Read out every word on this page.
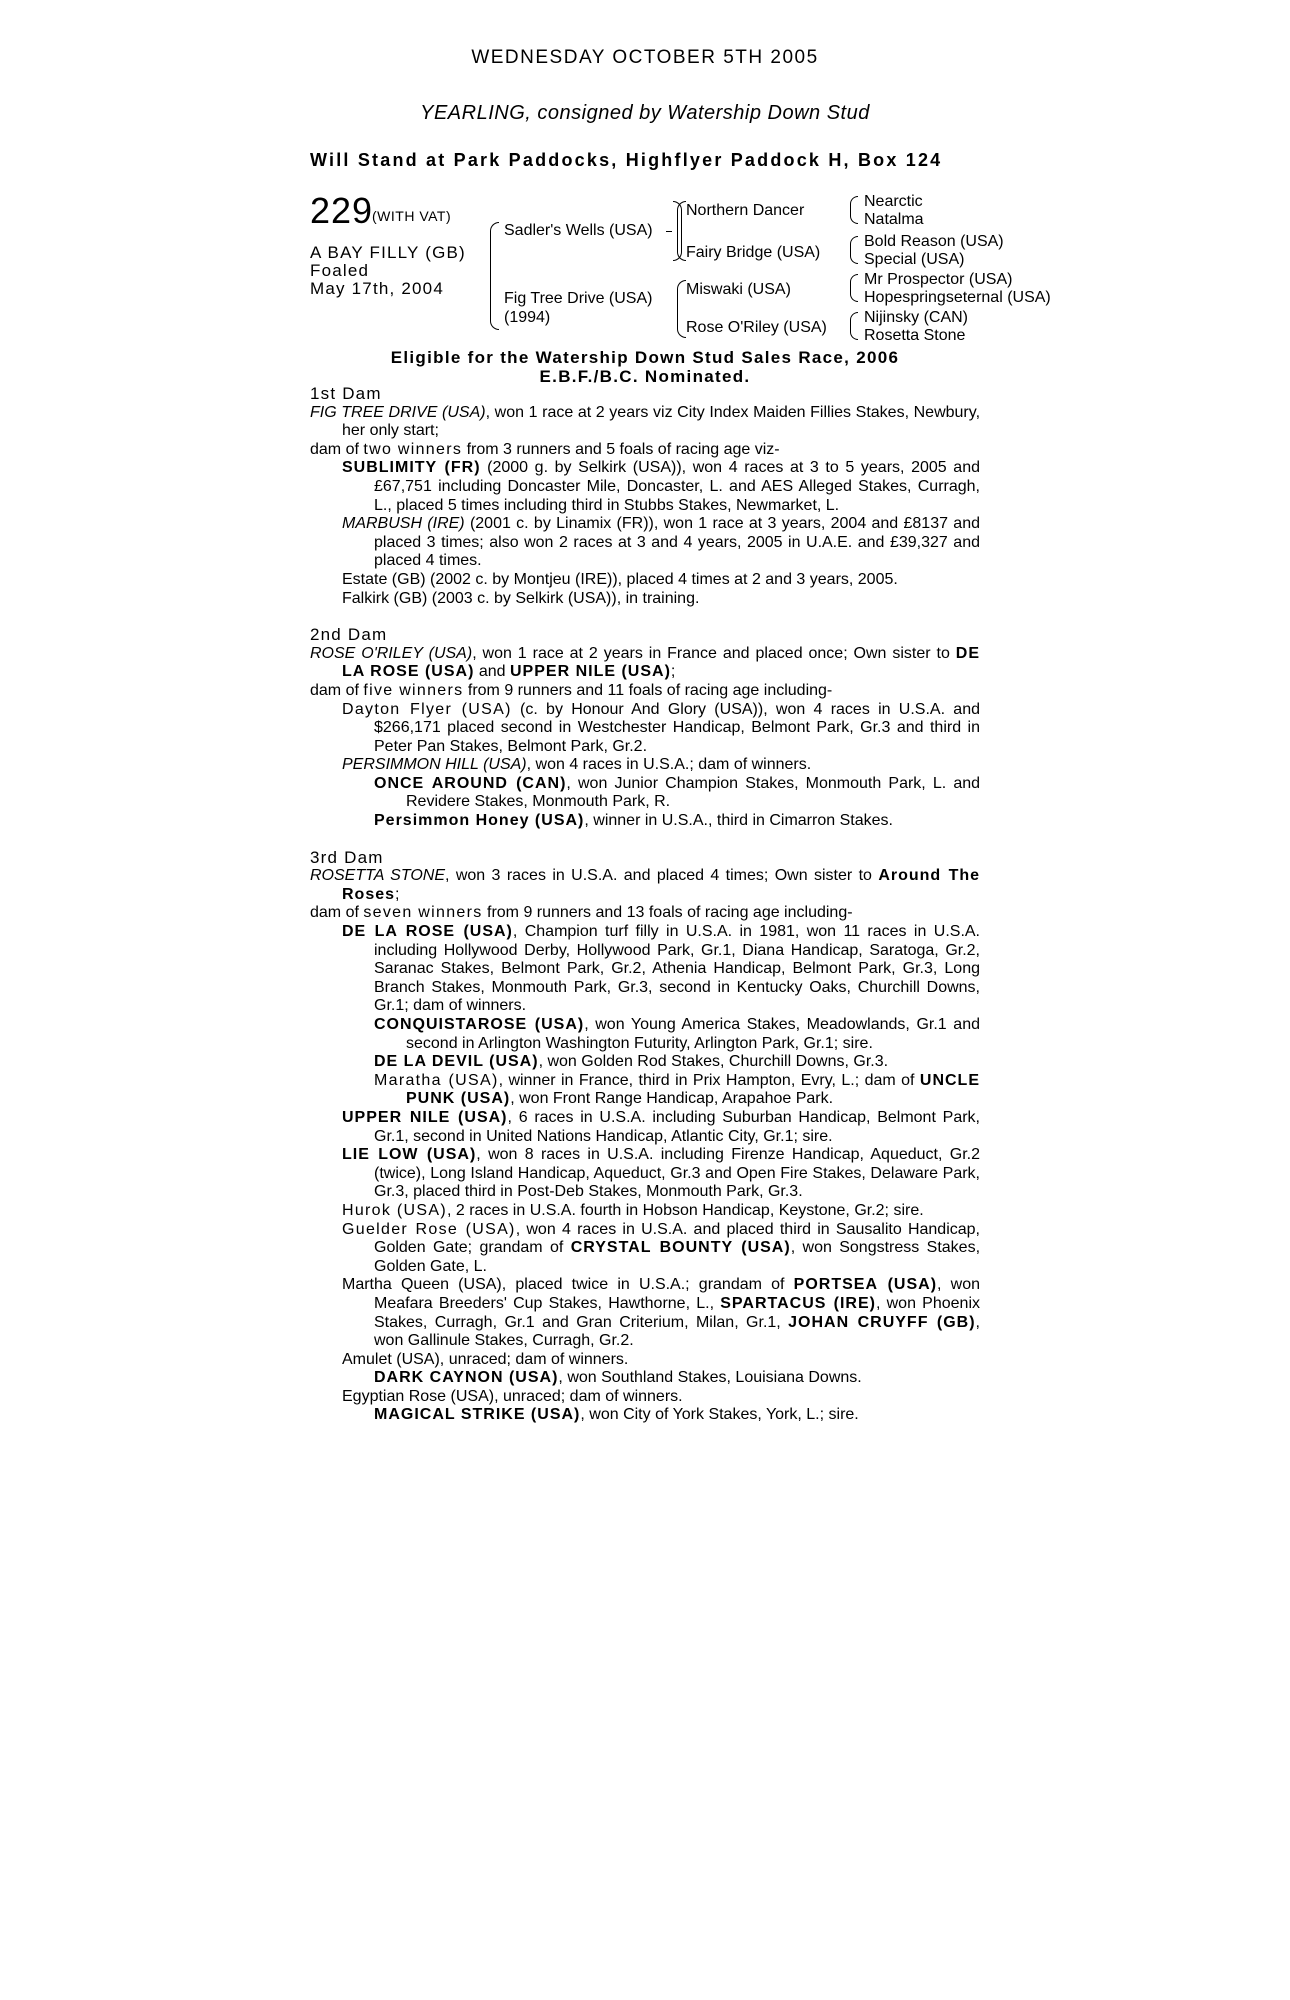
WEDNESDAY OCTOBER 5TH 2005
YEARLING, consigned by Watership Down Stud
Will Stand at Park Paddocks, Highflyer Paddock H, Box 124
229
(WITH VAT)
A BAY FILLY (GB)
Foaled
May 17th, 2004
Sadler's Wells (USA)
Fig Tree Drive (USA)
(1994)
Northern Dancer
Fairy Bridge (USA)
Miswaki (USA)
Rose O'Riley (USA)
Nearctic
Natalma
Bold Reason (USA)
Special (USA)
Mr Prospector (USA)
Hopespringseternal (USA)
Nijinsky (CAN)
Rosetta Stone
Eligible for the Watership Down Stud Sales Race, 2006
E.B.F./B.C. Nominated.
1st Dam

FIG TREE DRIVE (USA), won 1 race at 2 years viz City Index Maiden Fillies Stakes, Newbury, her only start;

dam of two winners from 3 runners and 5 foals of racing age viz-

SUBLIMITY (FR) (2000 g. by Selkirk (USA)), won 4 races at 3 to 5 years, 2005 and £67,751 including Doncaster Mile, Doncaster, L. and AES Alleged Stakes, Curragh, L., placed 5 times including third in Stubbs Stakes, Newmarket, L.

MARBUSH (IRE) (2001 c. by Linamix (FR)), won 1 race at 3 years, 2004 and £8137 and placed 3 times; also won 2 races at 3 and 4 years, 2005 in U.A.E. and £39,327 and placed 4 times.

Estate (GB) (2002 c. by Montjeu (IRE)), placed 4 times at 2 and 3 years, 2005.

Falkirk (GB) (2003 c. by Selkirk (USA)), in training.

2nd Dam

ROSE O'RILEY (USA), won 1 race at 2 years in France and placed once; Own sister to DE LA ROSE (USA) and UPPER NILE (USA);

dam of five winners from 9 runners and 11 foals of racing age including-

Dayton Flyer (USA) (c. by Honour And Glory (USA)), won 4 races in U.S.A. and $266,171 placed second in Westchester Handicap, Belmont Park, Gr.3 and third in Peter Pan Stakes, Belmont Park, Gr.2.

PERSIMMON HILL (USA), won 4 races in U.S.A.; dam of winners.

ONCE AROUND (CAN), won Junior Champion Stakes, Monmouth Park, L. and Revidere Stakes, Monmouth Park, R.

Persimmon Honey (USA), winner in U.S.A., third in Cimarron Stakes.

3rd Dam

ROSETTA STONE, won 3 races in U.S.A. and placed 4 times; Own sister to Around The Roses;

dam of seven winners from 9 runners and 13 foals of racing age including-

DE LA ROSE (USA), Champion turf filly in U.S.A. in 1981, won 11 races in U.S.A. including Hollywood Derby, Hollywood Park, Gr.1, Diana Handicap, Saratoga, Gr.2, Saranac Stakes, Belmont Park, Gr.2, Athenia Handicap, Belmont Park, Gr.3, Long Branch Stakes, Monmouth Park, Gr.3, second in Kentucky Oaks, Churchill Downs, Gr.1; dam of winners.

CONQUISTAROSE (USA), won Young America Stakes, Meadowlands, Gr.1 and second in Arlington Washington Futurity, Arlington Park, Gr.1; sire.

DE LA DEVIL (USA), won Golden Rod Stakes, Churchill Downs, Gr.3.

Maratha (USA), winner in France, third in Prix Hampton, Evry, L.; dam of UNCLE PUNK (USA), won Front Range Handicap, Arapahoe Park.

UPPER NILE (USA), 6 races in U.S.A. including Suburban Handicap, Belmont Park, Gr.1, second in United Nations Handicap, Atlantic City, Gr.1; sire.

LIE LOW (USA), won 8 races in U.S.A. including Firenze Handicap, Aqueduct, Gr.2 (twice), Long Island Handicap, Aqueduct, Gr.3 and Open Fire Stakes, Delaware Park, Gr.3, placed third in Post-Deb Stakes, Monmouth Park, Gr.3.

Hurok (USA), 2 races in U.S.A. fourth in Hobson Handicap, Keystone, Gr.2; sire.

Guelder Rose (USA), won 4 races in U.S.A. and placed third in Sausalito Handicap, Golden Gate; grandam of CRYSTAL BOUNTY (USA), won Songstress Stakes, Golden Gate, L.

Martha Queen (USA), placed twice in U.S.A.; grandam of PORTSEA (USA), won Meafara Breeders' Cup Stakes, Hawthorne, L., SPARTACUS (IRE), won Phoenix Stakes, Curragh, Gr.1 and Gran Criterium, Milan, Gr.1, JOHAN CRUYFF (GB), won Gallinule Stakes, Curragh, Gr.2.

Amulet (USA), unraced; dam of winners.

DARK CAYNON (USA), won Southland Stakes, Louisiana Downs.

Egyptian Rose (USA), unraced; dam of winners.

MAGICAL STRIKE (USA), won City of York Stakes, York, L.; sire.
